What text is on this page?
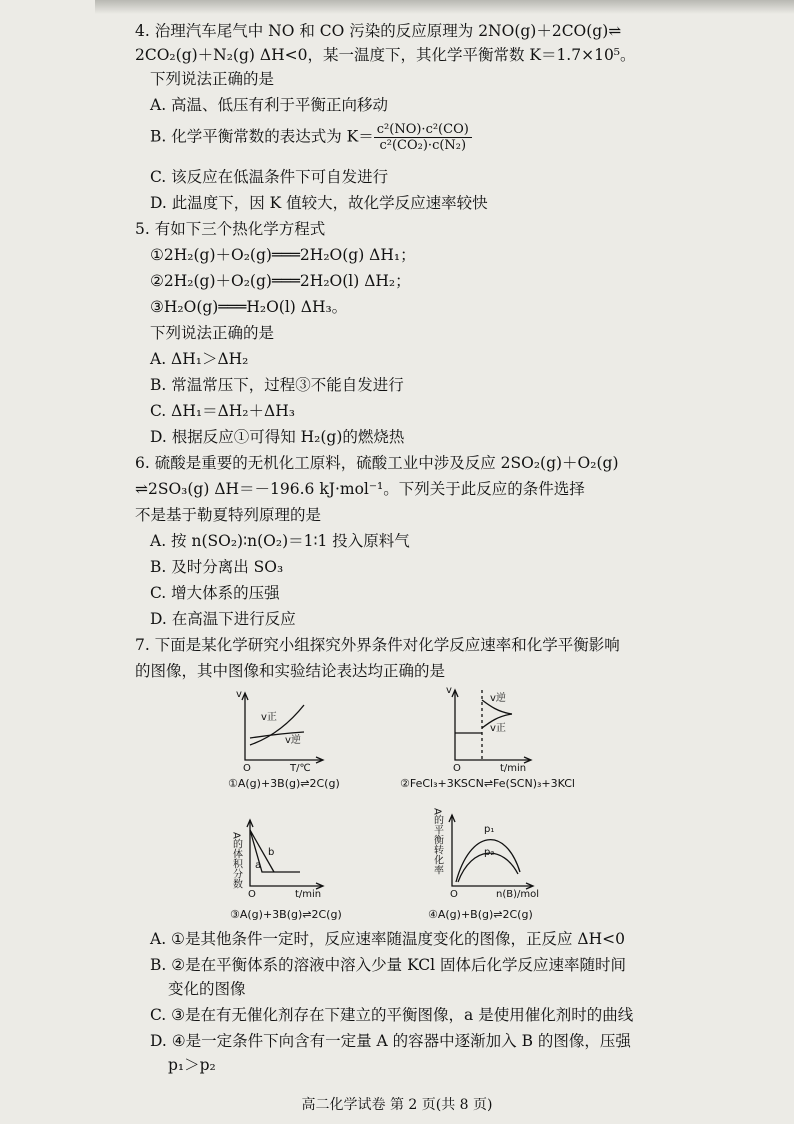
4. 治理汽车尾气中 NO 和 CO 污染的反应原理为 2NO(g)＋2CO(g)⇌
2CO₂(g)＋N₂(g) ΔH<0，某一温度下，其化学平衡常数 K＝1.7×10⁵。
下列说法正确的是
A. 高温、低压有利于平衡正向移动
B. 化学平衡常数的表达式为 $K= \frac{\text{c²(NO)·c²(CO)}}{\text{c²(CO₂)·c(N₂)}}$
C. 该反应在低温条件下可自发进行
D. 此温度下，因 K 值较大，故化学反应速率较快
5. 有如下三个热化学方程式
①2H₂(g)＋O₂(g)═══2H₂O(g) ΔH₁；
②2H₂(g)＋O₂(g)═══2H₂O(l) ΔH₂；
③H₂O(g)═══H₂O(l) ΔH₃。
下列说法正确的是
A. ΔH₁＞ΔH₂
B. 常温常压下，过程③不能自发进行
C. ΔH₁＝ΔH₂＋ΔH₃
D. 根据反应①可得知 H₂(g)的燃烧热
6. 硫酸是重要的无机化工原料，硫酸工业中涉及反应 2SO₂(g)＋O₂(g)
⇌2SO₃(g) ΔH＝－196.6 kJ·mol⁻¹。下列关于此反应的条件选择
不是基于勒夏特列原理的是
A. 按 n(SO₂)∶n(O₂)＝1∶1 投入原料气
B. 及时分离出 SO₃
C. 增大体系的压强
D. 在高温下进行反应
7. 下面是某化学研究小组探究外界条件对化学反应速率和化学平衡影响
的图像，其中图像和实验结论表达均正确的是
v
O	T/℃
v正
v逆
①A(g)+3B(g)⇌2C(g)
v
O	t/min
v逆
v正
②FeCl₃+3KSCN⇌Fe(SCN)₃+3KCl
A的体积分数
O	t/min
a
b
③A(g)+3B(g)⇌2C(g)
A的平衡转化率
O	n(B)/mol
p₁
p₂
④A(g)+B(g)⇌2C(g)
A. ①是其他条件一定时，反应速率随温度变化的图像，正反应 ΔH<0
B. ②是在平衡体系的溶液中溶入少量 KCl 固体后化学反应速率随时间
变化的图像
C. ③是在有无催化剂存在下建立的平衡图像，a 是使用催化剂时的曲线
D. ④是一定条件下向含有一定量 A 的容器中逐渐加入 B 的图像，压强
p₁＞p₂
高二化学试卷 第 2 页(共 8 页)
